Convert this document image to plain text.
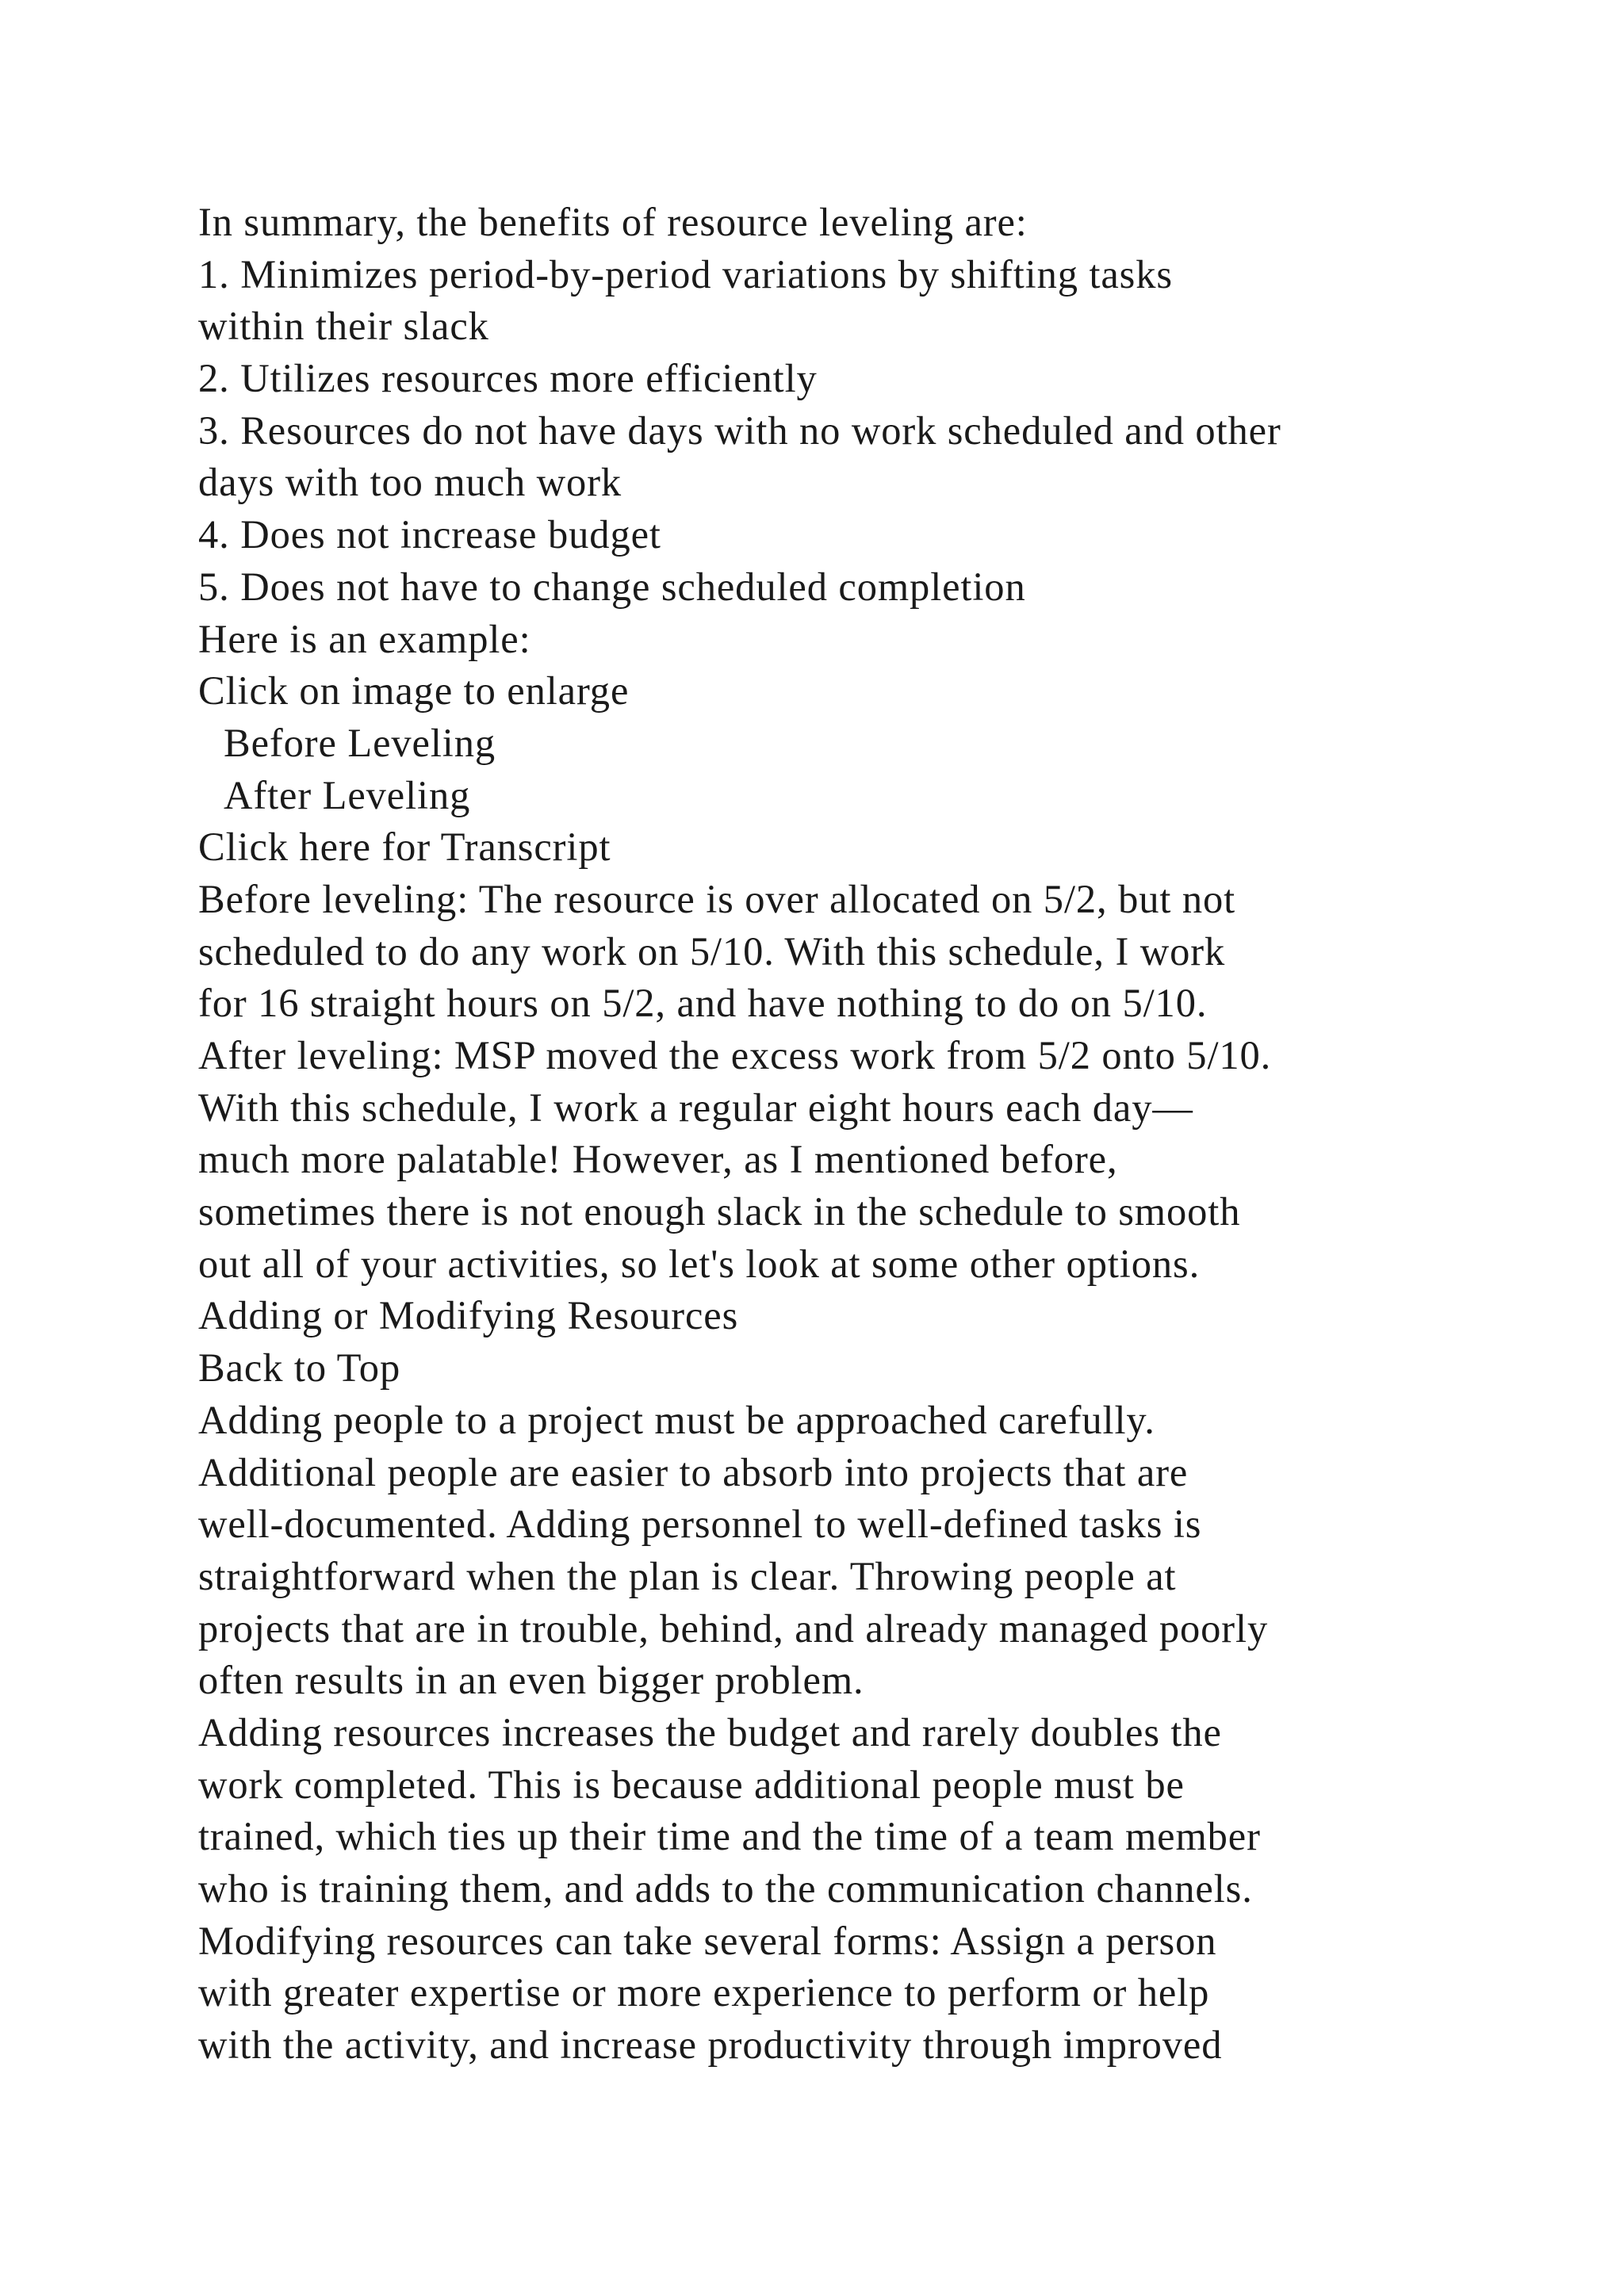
In summary, the benefits of resource leveling are:
1. Minimizes period-by-period variations by shifting tasks
within their slack
2. Utilizes resources more efficiently
3. Resources do not have days with no work scheduled and other
days with too much work
4. Does not increase budget
5. Does not have to change scheduled completion
Here is an example:
Click on image to enlarge
Before Leveling
After Leveling
Click here for Transcript
Before leveling: The resource is over allocated on 5/2, but not
scheduled to do any work on 5/10. With this schedule, I work
for 16 straight hours on 5/2, and have nothing to do on 5/10.
After leveling: MSP moved the excess work from 5/2 onto 5/10.
With this schedule, I work a regular eight hours each day—
much more palatable! However, as I mentioned before,
sometimes there is not enough slack in the schedule to smooth
out all of your activities, so let's look at some other options.
Adding or Modifying Resources
Back to Top
Adding people to a project must be approached carefully.
Additional people are easier to absorb into projects that are
well-documented. Adding personnel to well-defined tasks is
straightforward when the plan is clear. Throwing people at
projects that are in trouble, behind, and already managed poorly
often results in an even bigger problem.
Adding resources increases the budget and rarely doubles the
work completed. This is because additional people must be
trained, which ties up their time and the time of a team member
who is training them, and adds to the communication channels.
Modifying resources can take several forms: Assign a person
with greater expertise or more experience to perform or help
with the activity, and increase productivity through improved
